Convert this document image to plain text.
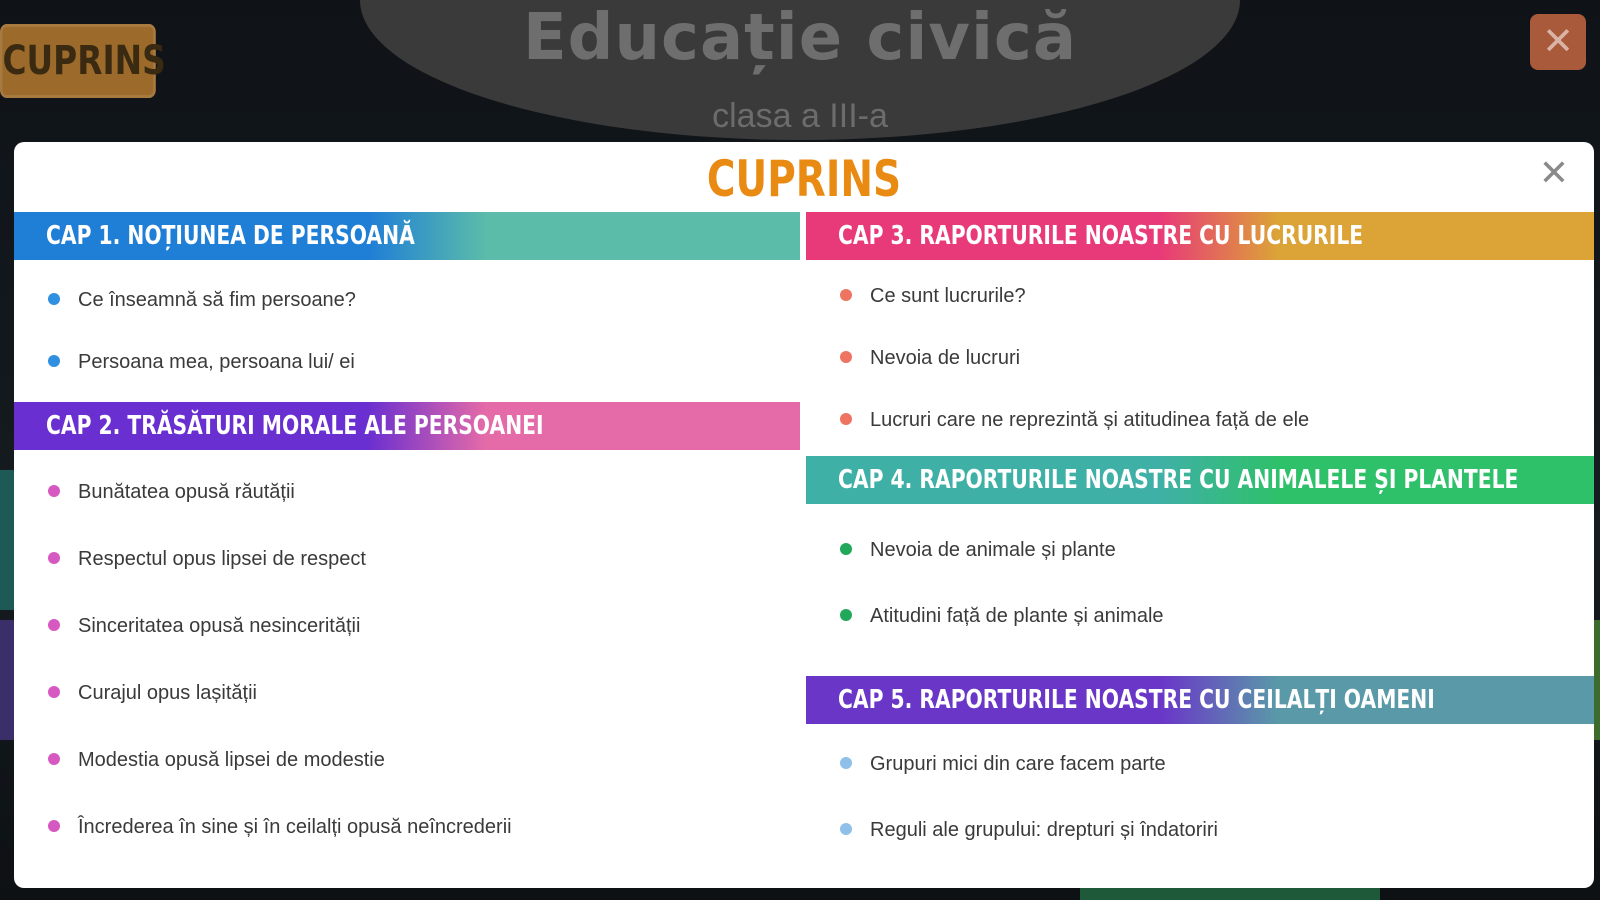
Educație civică
clasa a III-a
CUPRINS	✕
CUPRINS	✕
CAP 1. NOȚIUNEA DE PERSOANĂ
Ce înseamnă să fim persoane?
Persoana mea, persoana lui/ ei
CAP 2. TRĂSĂTURI MORALE ALE PERSOANEI
Bunătatea opusă răutății
Respectul opus lipsei de respect
Sinceritatea opusă nesincerității
Curajul opus lașității
Modestia opusă lipsei de modestie
Încrederea în sine și în ceilalți opusă neîncrederii
CAP 3. RAPORTURILE NOASTRE CU LUCRURILE
Ce sunt lucrurile?
Nevoia de lucruri
Lucruri care ne reprezintă și atitudinea față de ele
CAP 4. RAPORTURILE NOASTRE CU ANIMALELE ȘI PLANTELE
Nevoia de animale și plante
Atitudini față de plante și animale
CAP 5. RAPORTURILE NOASTRE CU CEILALȚI OAMENI
Grupuri mici din care facem parte
Reguli ale grupului: drepturi și îndatoriri
